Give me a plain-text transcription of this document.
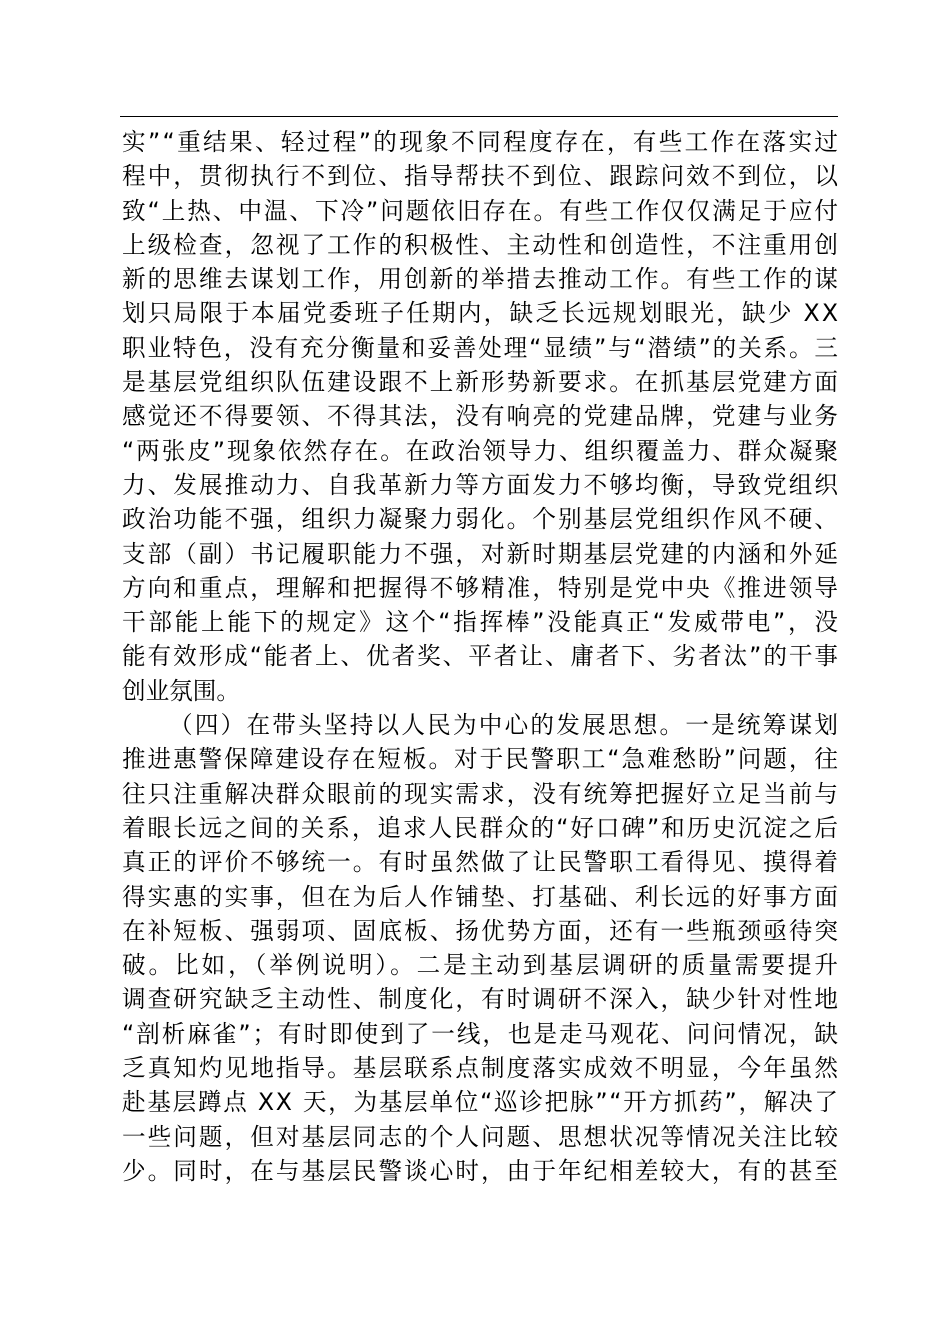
实”“重结果、轻过程”的现象不同程度存在，有些工作在落实过
程中，贯彻执行不到位、指导帮扶不到位、跟踪问效不到位，以
致“上热、中温、下冷”问题依旧存在。有些工作仅仅满足于应付
上级检查，忽视了工作的积极性、主动性和创造性，不注重用创
新的思维去谋划工作，用创新的举措去推动工作。有些工作的谋
划只局限于本届党委班子任期内，缺乏长远规划眼光，缺少 XX
职业特色，没有充分衡量和妥善处理“显绩”与“潜绩”的关系。三
是基层党组织队伍建设跟不上新形势新要求。在抓基层党建方面
感觉还不得要领、不得其法，没有响亮的党建品牌，党建与业务
“两张皮”现象依然存在。在政治领导力、组织覆盖力、群众凝聚
力、发展推动力、自我革新力等方面发力不够均衡，导致党组织
政治功能不强，组织力凝聚力弱化。个别基层党组织作风不硬、
支部（副）书记履职能力不强，对新时期基层党建的内涵和外延
方向和重点，理解和把握得不够精准，特别是党中央《推进领导
干部能上能下的规定》这个“指挥棒”没能真正“发威带电”，没
能有效形成“能者上、优者奖、平者让、庸者下、劣者汰”的干事
创业氛围。
（四）在带头坚持以人民为中心的发展思想。一是统筹谋划
推进惠警保障建设存在短板。对于民警职工“急难愁盼”问题，往
往只注重解决群众眼前的现实需求，没有统筹把握好立足当前与
着眼长远之间的关系，追求人民群众的“好口碑”和历史沉淀之后
真正的评价不够统一。有时虽然做了让民警职工看得见、摸得着
得实惠的实事，但在为后人作铺垫、打基础、利长远的好事方面
在补短板、强弱项、固底板、扬优势方面，还有一些瓶颈亟待突
破。比如，（举例说明）。二是主动到基层调研的质量需要提升
调查研究缺乏主动性、制度化，有时调研不深入，缺少针对性地
“剖析麻雀”；有时即使到了一线，也是走马观花、问问情况，缺
乏真知灼见地指导。基层联系点制度落实成效不明显，今年虽然
赴基层蹲点 XX 天，为基层单位“巡诊把脉”“开方抓药”，解决了
一些问题，但对基层同志的个人问题、思想状况等情况关注比较
少。同时，在与基层民警谈心时，由于年纪相差较大，有的甚至
